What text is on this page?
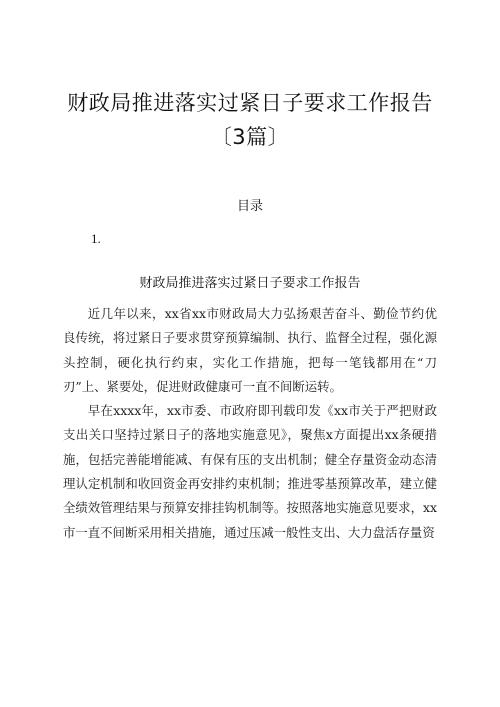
财政局推进落实过紧日子要求工作报告〔3篇〕
目录
1.
财政局推进落实过紧日子要求工作报告

近几年以来，xx省xx市财政局大力弘扬艰苦奋斗、勤俭节约优良传统，将过紧日子要求贯穿预算编制、执行、监督全过程，强化源头控制，硬化执行约束，实化工作措施，把每一笔钱都用在“刀刃”上、紧要处，促进财政健康可一直不间断运转。

早在xxxx年，xx市委、市政府即刊载印发《xx市关于严把财政支出关口坚持过紧日子的落地实施意见》，聚焦x方面提出xx条硬措施，包括完善能增能减、有保有压的支出机制；健全存量资金动态清理认定机制和收回资金再安排约束机制；推进零基预算改革，建立健全绩效管理结果与预算安排挂钩机制等。按照落地实施意见要求，xx市一直不间断采用相关措施，通过压减一般性支出、大力盘活存量资
